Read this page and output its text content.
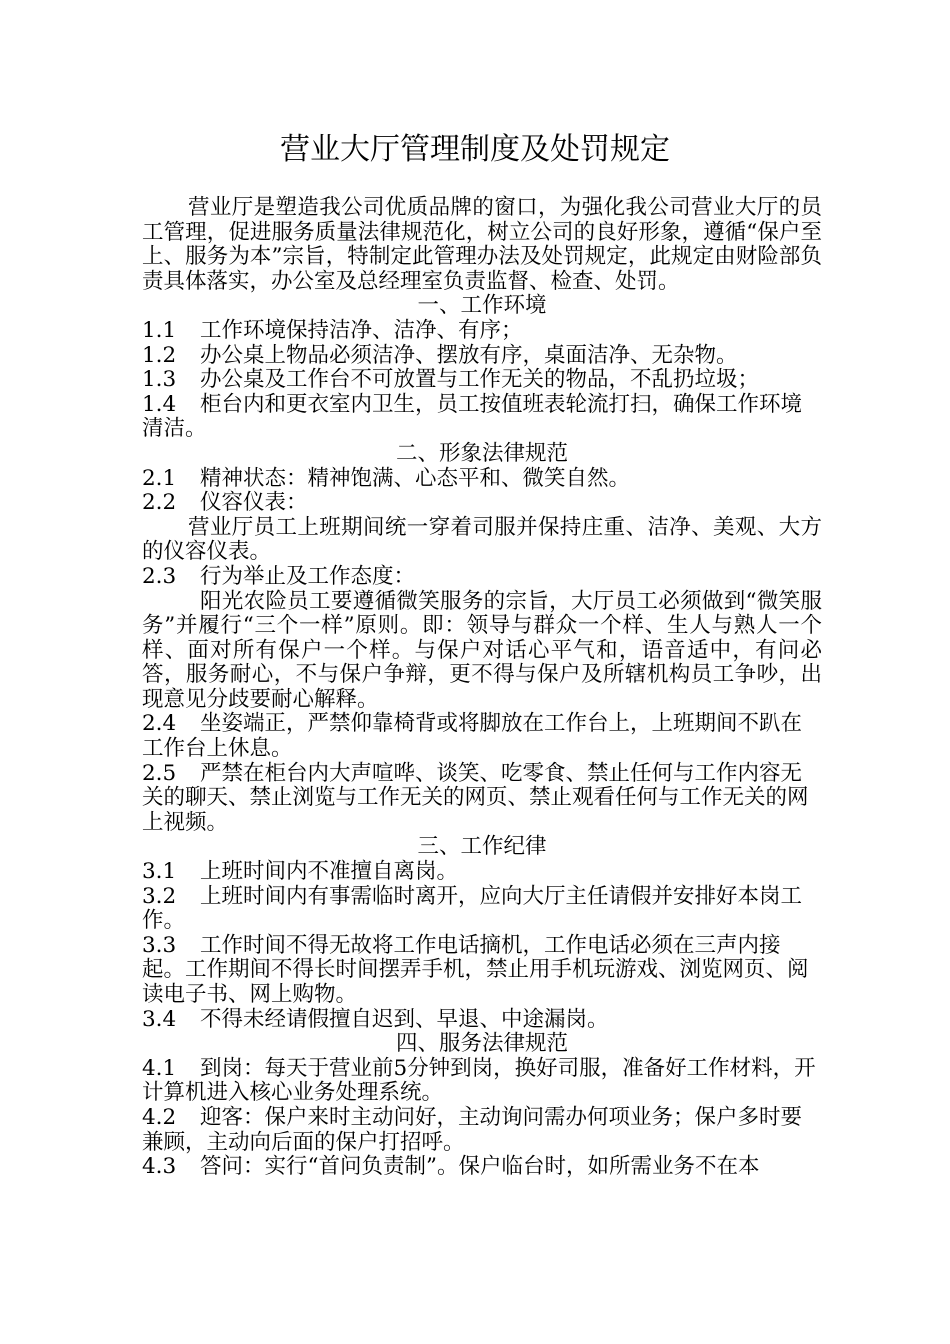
营业大厅管理制度及处罚规定

营业厅是塑造我公司优质品牌的窗口，为强化我公司营业大厅的员工管理，促进服务质量法律规范化，树立公司的良好形象，遵循“保户至上、服务为本”宗旨，特制定此管理办法及处罚规定，此规定由财险部负责具体落实，办公室及总经理室负责监督、检查、处罚。

一、工作环境

1.1 工作环境保持洁净、洁净、有序；

1.2 办公桌上物品必须洁净、摆放有序，桌面洁净、无杂物。

1.3 办公桌及工作台不可放置与工作无关的物品，不乱扔垃圾；

1.4 柜台内和更衣室内卫生，员工按值班表轮流打扫，确保工作环境清洁。

二、形象法律规范

2.1 精神状态：精神饱满、心态平和、微笑自然。

2.2 仪容仪表：

营业厅员工上班期间统一穿着司服并保持庄重、洁净、美观、大方的仪容仪表。

2.3 行为举止及工作态度：

阳光农险员工要遵循微笑服务的宗旨，大厅员工必须做到“微笑服务”并履行“三个一样”原则。即：领导与群众一个样、生人与熟人一个样、面对所有保户一个样。与保户对话心平气和，语音适中，有问必答，服务耐心，不与保户争辩，更不得与保户及所辖机构员工争吵，出现意见分歧要耐心解释。

2.4 坐姿端正，严禁仰靠椅背或将脚放在工作台上，上班期间不趴在工作台上休息。

2.5 严禁在柜台内大声喧哗、谈笑、吃零食、禁止任何与工作内容无关的聊天、禁止浏览与工作无关的网页、禁止观看任何与工作无关的网上视频。

三、工作纪律

3.1 上班时间内不准擅自离岗。

3.2 上班时间内有事需临时离开，应向大厅主任请假并安排好本岗工作。

3.3 工作时间不得无故将工作电话摘机，工作电话必须在三声内接起。工作期间不得长时间摆弄手机，禁止用手机玩游戏、浏览网页、阅读电子书、网上购物。

3.4 不得未经请假擅自迟到、早退、中途漏岗。

四、服务法律规范

4.1 到岗：每天于营业前5分钟到岗，换好司服，准备好工作材料，开计算机进入核心业务处理系统。

4.2 迎客：保户来时主动问好，主动询问需办何项业务；保户多时要兼顾，主动向后面的保户打招呼。

4.3 答问：实行“首问负责制”。保户临台时，如所需业务不在本
